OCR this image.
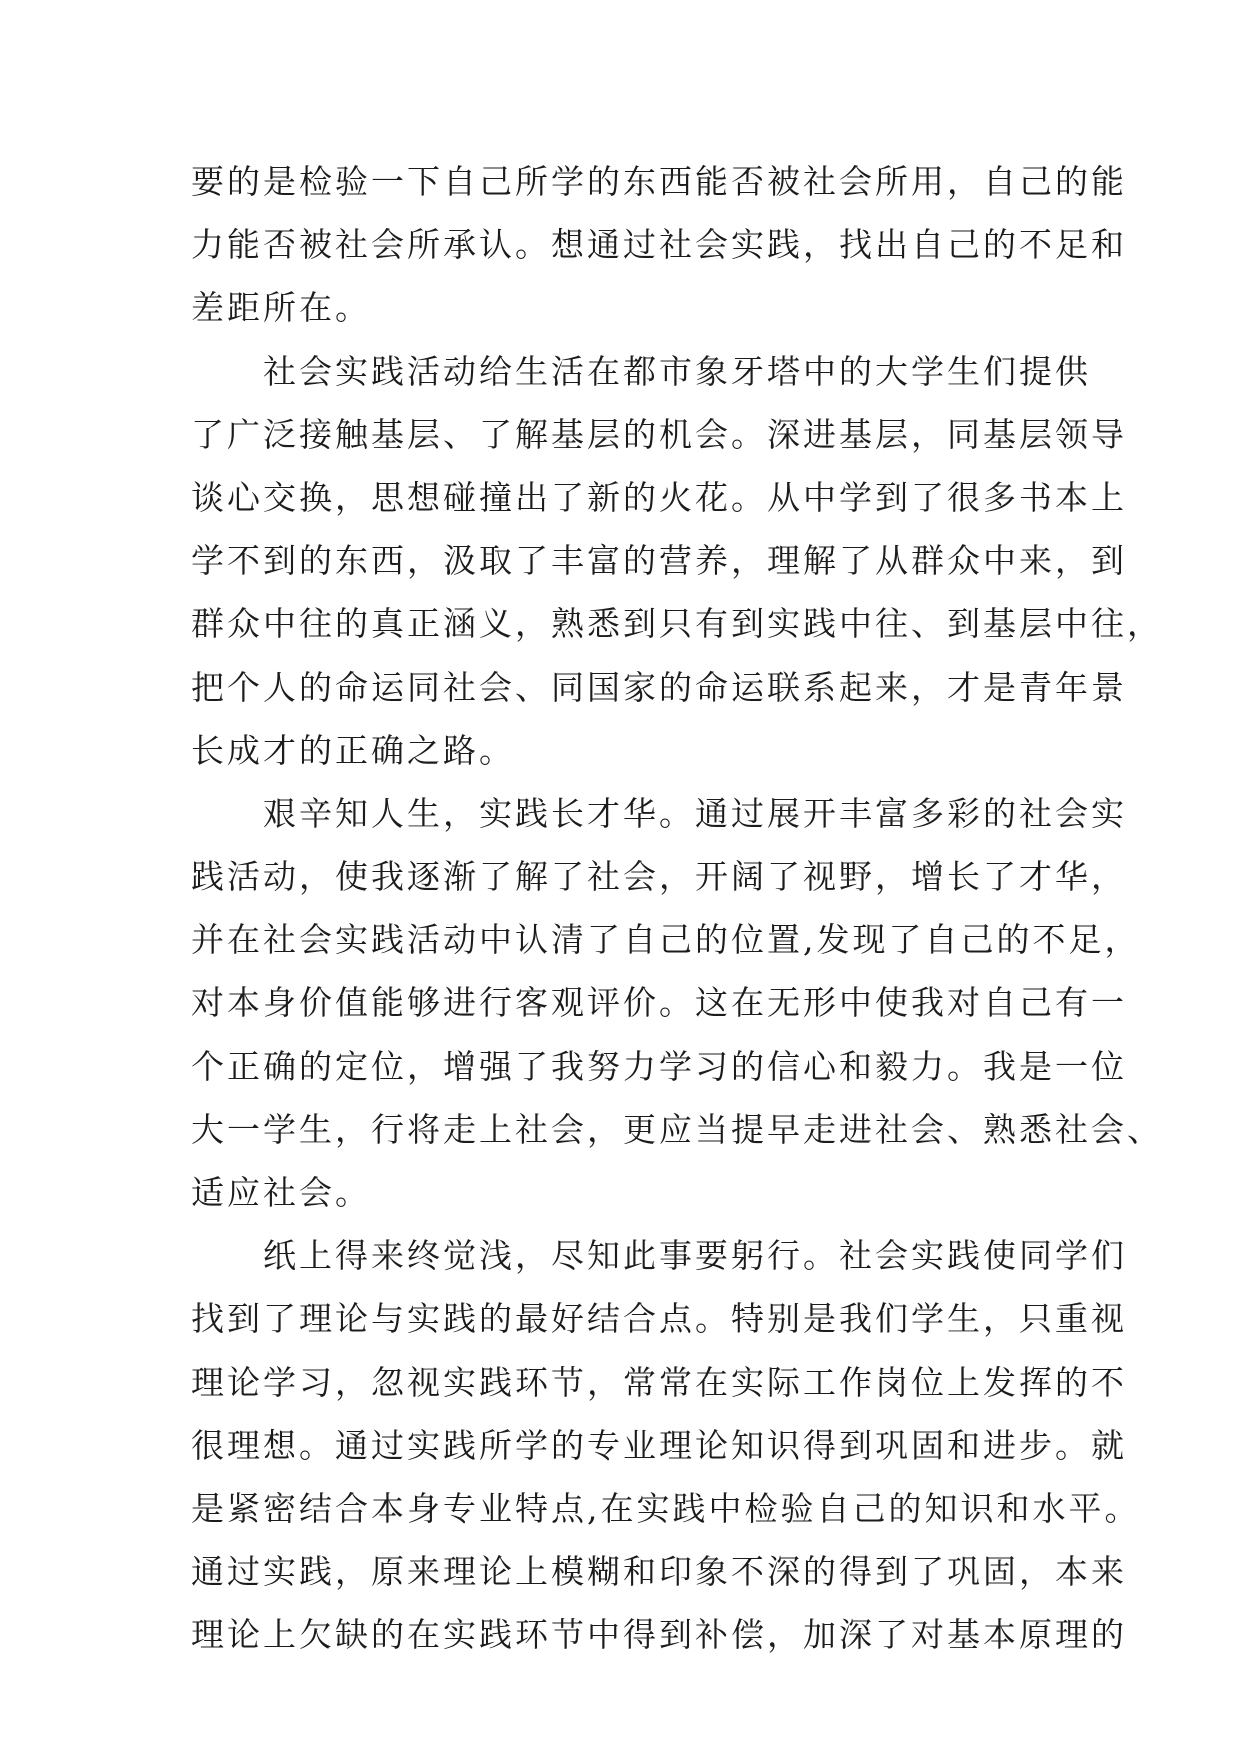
要的是检验一下自己所学的东西能否被社会所用，自己的能
力能否被社会所承认。想通过社会实践，找出自己的不足和
差距所在。
社会实践活动给生活在都市象牙塔中的大学生们提供
了广泛接触基层、了解基层的机会。深进基层，同基层领导
谈心交换，思想碰撞出了新的火花。从中学到了很多书本上
学不到的东西，汲取了丰富的营养，理解了从群众中来，到
群众中往的真正涵义，熟悉到只有到实践中往、到基层中往，
把个人的命运同社会、同国家的命运联系起来，才是青年景
长成才的正确之路。
艰辛知人生，实践长才华。通过展开丰富多彩的社会实
践活动，使我逐渐了解了社会，开阔了视野，增长了才华，
并在社会实践活动中认清了自己的位置,发现了自己的不足，
对本身价值能够进行客观评价。这在无形中使我对自己有一
个正确的定位，增强了我努力学习的信心和毅力。我是一位
大一学生，行将走上社会，更应当提早走进社会、熟悉社会、
适应社会。
纸上得来终觉浅，尽知此事要躬行。社会实践使同学们
找到了理论与实践的最好结合点。特别是我们学生，只重视
理论学习，忽视实践环节，常常在实际工作岗位上发挥的不
很理想。通过实践所学的专业理论知识得到巩固和进步。就
是紧密结合本身专业特点,在实践中检验自己的知识和水平。
通过实践，原来理论上模糊和印象不深的得到了巩固，本来
理论上欠缺的在实践环节中得到补偿，加深了对基本原理的
